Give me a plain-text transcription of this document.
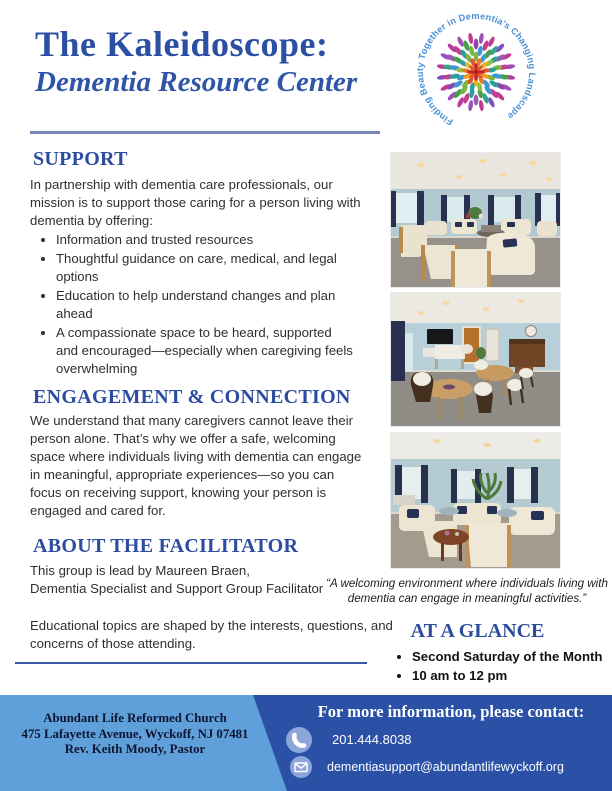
The Kaleidoscope:
Dementia Resource Center
Finding Beauty Together in Dementia’s Changing Landscape
SUPPORT
In partnership with dementia care professionals, our mission is to support those caring for a person living with dementia by offering:
• Information and trusted resources
• Thoughtful guidance on care, medical, and legal options
• Education to help understand changes and plan ahead
• A compassionate space to be heard, supported and encouraged—especially when caregiving feels overwhelming
ENGAGEMENT & CONNECTION
We understand that many caregivers cannot leave their person alone. That’s why we offer a safe, welcoming space where individuals living with dementia can engage in meaningful, appropriate experiences—so you can focus on receiving support, knowing your person is engaged and cared for.
ABOUT THE FACILITATOR
This group is lead by Maureen Braen,
Dementia Specialist and Support Group Facilitator
Educational topics are shaped by the interests, questions, and concerns of those attending.
“A welcoming environment where individuals living with dementia can engage in meaningful activities.”
AT A GLANCE
• Second Saturday of the Month
• 10 am to 12 pm
Abundant Life Reformed Church
475 Lafayette Avenue, Wyckoff, NJ 07481
Rev. Keith Moody, Pastor
For more information, please contact:
201.444.8038
dementiasupport@abundantlifewyckoff.org
